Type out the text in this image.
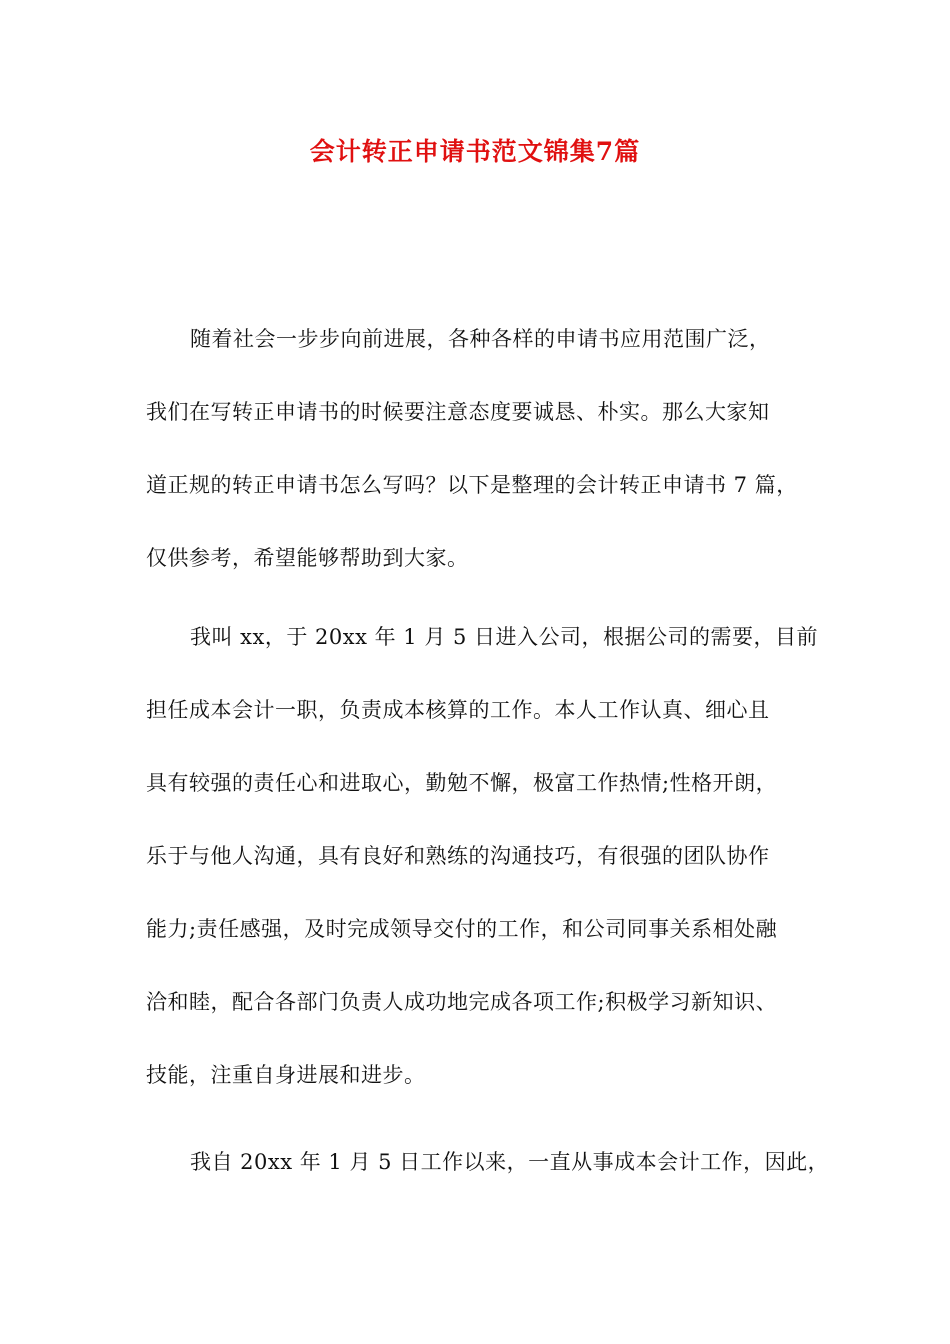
会计转正申请书范文锦集7篇

随着社会一步步向前进展，各种各样的申请书应用范围广泛，
我们在写转正申请书的时候要注意态度要诚恳、朴实。那么大家知
道正规的转正申请书怎么写吗？以下是整理的会计转正申请书 7 篇，
仅供参考，希望能够帮助到大家。

我叫 xx，于 20xx 年 1 月 5 日进入公司，根据公司的需要，目前
担任成本会计一职，负责成本核算的工作。本人工作认真、细心且
具有较强的责任心和进取心，勤勉不懈，极富工作热情;性格开朗，
乐于与他人沟通，具有良好和熟练的沟通技巧，有很强的团队协作
能力;责任感强，及时完成领导交付的工作，和公司同事关系相处融
洽和睦，配合各部门负责人成功地完成各项工作;积极学习新知识、
技能，注重自身进展和进步。

我自 20xx 年 1 月 5 日工作以来，一直从事成本会计工作，因此，
